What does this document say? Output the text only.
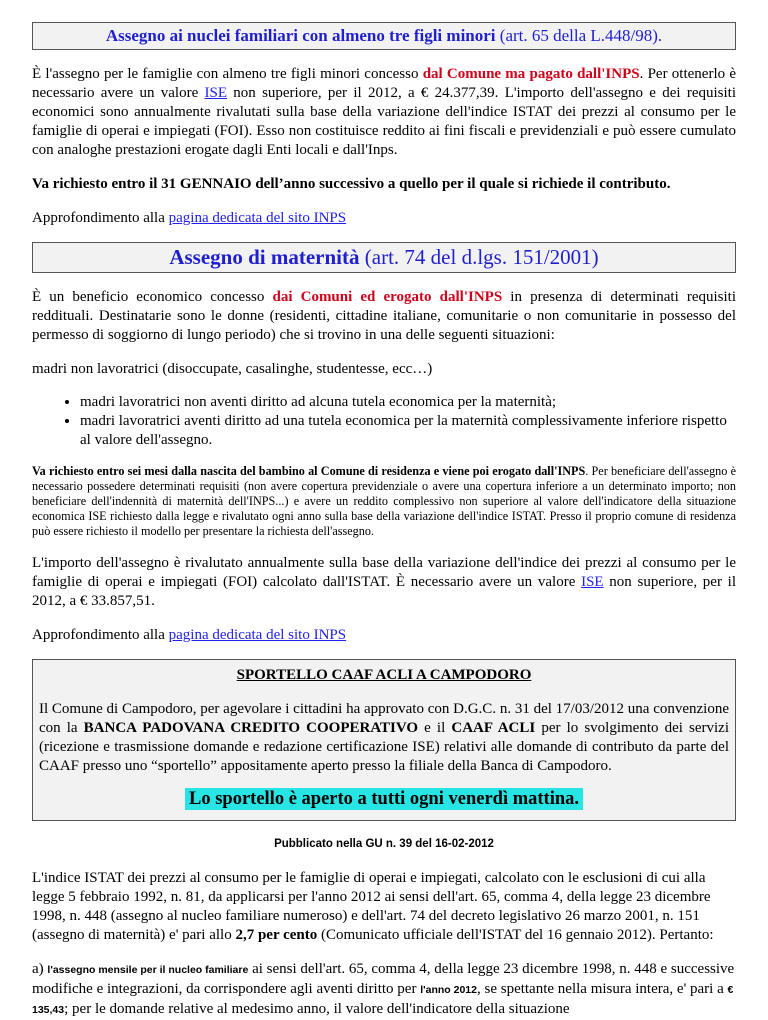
Assegno ai nuclei familiari con almeno tre figli minori (art. 65 della L.448/98).

È l'assegno per le famiglie con almeno tre figli minori concesso dal Comune ma pagato dall'INPS. Per ottenerlo è necessario avere un valore ISE non superiore, per il 2012, a € 24.377,39. L'importo dell'assegno e dei requisiti economici sono annualmente rivalutati sulla base della variazione dell'indice ISTAT dei prezzi al consumo per le famiglie di operai e impiegati (FOI). Esso non costituisce reddito ai fini fiscali e previdenziali e può essere cumulato con analoghe prestazioni erogate dagli Enti locali e dall'Inps.

Va richiesto entro il 31 GENNAIO dell’anno successivo a quello per il quale si richiede il contributo.

Approfondimento alla pagina dedicata del sito INPS

Assegno di maternità (art. 74 del d.lgs. 151/2001)

È un beneficio economico concesso dai Comuni ed erogato dall'INPS in presenza di determinati requisiti reddituali. Destinatarie sono le donne (residenti, cittadine italiane, comunitarie o non comunitarie in possesso del permesso di soggiorno di lungo periodo) che si trovino in una delle seguenti situazioni:

madri non lavoratrici (disoccupate, casalinghe, studentesse, ecc…)

• madri lavoratrici non aventi diritto ad alcuna tutela economica per la maternità;
• madri lavoratrici aventi diritto ad una tutela economica per la maternità complessivamente inferiore rispetto al valore dell'assegno.

Va richiesto entro sei mesi dalla nascita del bambino al Comune di residenza e viene poi erogato dall'INPS. Per beneficiare dell'assegno è necessario possedere determinati requisiti (non avere copertura previdenziale o avere una copertura inferiore a un determinato importo; non beneficiare dell'indennità di maternità dell'INPS...) e avere un reddito complessivo non superiore al valore dell'indicatore della situazione economica ISE richiesto dalla legge e rivalutato ogni anno sulla base della variazione dell'indice ISTAT. Presso il proprio comune di residenza può essere richiesto il modello per presentare la richiesta dell'assegno.

L'importo dell'assegno è rivalutato annualmente sulla base della variazione dell'indice dei prezzi al consumo per le famiglie di operai e impiegati (FOI) calcolato dall'ISTAT. È necessario avere un valore ISE non superiore, per il 2012, a € 33.857,51.

Approfondimento alla pagina dedicata del sito INPS

SPORTELLO CAAF ACLI A CAMPODORO

Il Comune di Campodoro, per agevolare i cittadini ha approvato con D.G.C. n. 31 del 17/03/2012 una convenzione con la BANCA PADOVANA CREDITO COOPERATIVO e il CAAF ACLI per lo svolgimento dei servizi (ricezione e trasmissione domande e redazione certificazione ISE) relativi alle domande di contributo da parte del CAAF presso uno “sportello” appositamente aperto presso la filiale della Banca di Campodoro.

Lo sportello è aperto a tutti ogni venerdì mattina.
Pubblicato nella GU n. 39 del 16-02-2012

L'indice ISTAT dei prezzi al consumo per le famiglie di operai e impiegati, calcolato con le esclusioni di cui alla legge 5 febbraio 1992, n. 81, da applicarsi per l'anno 2012 ai sensi dell'art. 65, comma 4, della legge 23 dicembre 1998, n. 448 (assegno al nucleo familiare numeroso) e dell'art. 74 del decreto legislativo 26 marzo 2001, n. 151 (assegno di maternità) e' pari allo 2,7 per cento (Comunicato ufficiale dell'ISTAT del 16 gennaio 2012). Pertanto:

a) l'assegno mensile per il nucleo familiare ai sensi dell'art. 65, comma 4, della legge 23 dicembre 1998, n. 448 e successive modifiche e integrazioni, da corrispondere agli aventi diritto per l'anno 2012, se spettante nella misura intera, e' pari a € 135,43; per le domande relative al medesimo anno, il valore dell'indicatore della situazione
